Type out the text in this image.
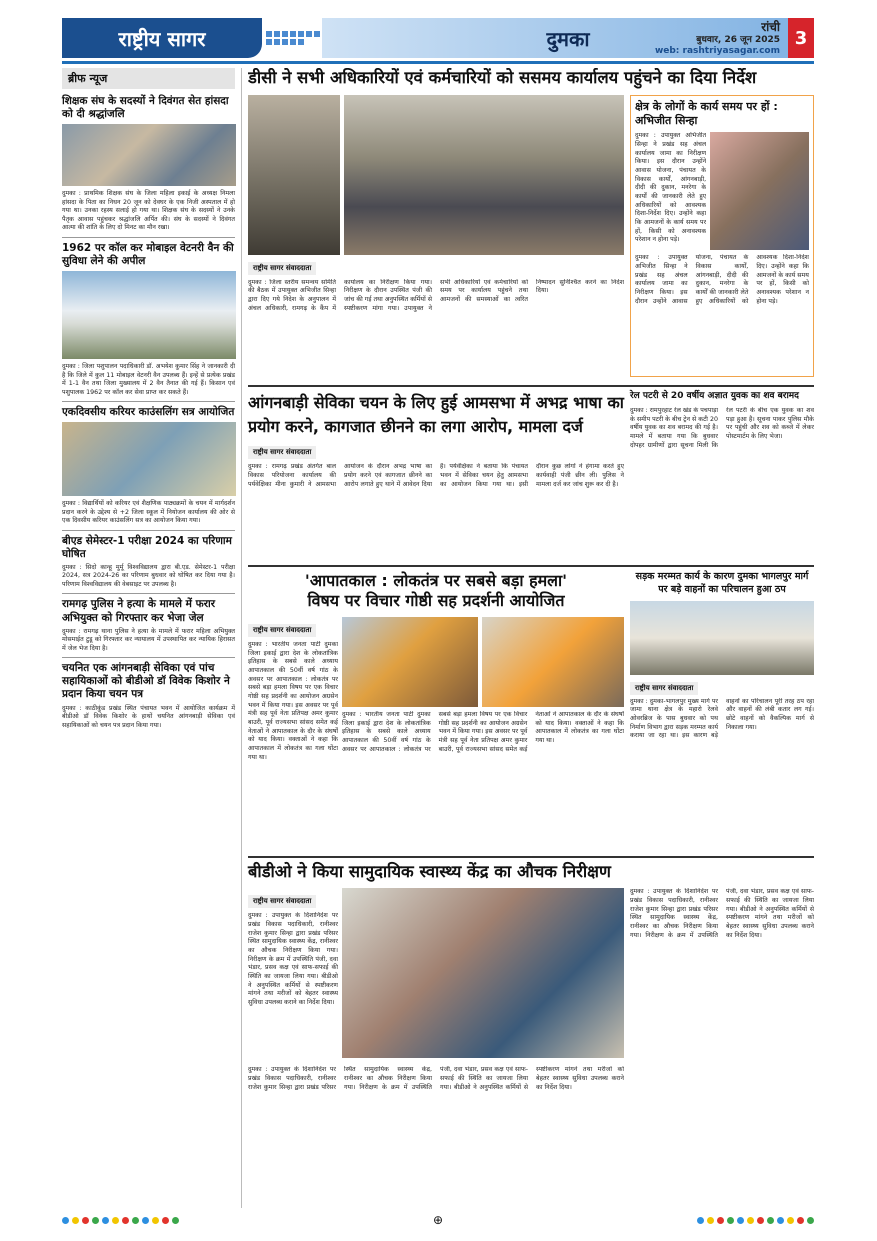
राष्ट्रीय सागर	दुमका	रांची
बुधवार, 26 जून 2025
web: rashtriyasagar.com
3
ब्रीफ न्यूज
शिक्षक संघ के सदस्यों ने दिवंगत सेत हांसदा को दी श्रद्धांजलि
दुमका : प्राथमिक शिक्षक संघ के जिला महिला इकाई के अध्यक्ष निमला हांसदा के पिता का निधन 20 जून को देवघर के एक निजी अस्पताल में हो गया था। उनका रहस्य सलाई हो गया था। शिक्षक संघ के सदस्यों ने उनके पैतृक आवास पहुंचकर श्रद्धांजलि अर्पित की। संघ के सदस्यों ने दिवंगत आत्मा की शांति के लिए दो मिनट का मौन रखा।
1962 पर कॉल कर मोबाइल वेटनरी वैन की सुविधा लेने की अपील
दुमका : जिला पशुपालन पदाधिकारी डॉ. अभयेश कुमार सिंह ने जानकारी दी है कि जिले में कुल 11 मोबाइल वेटनरी वैन उपलब्ध हैं। इन्हें से प्रत्येक प्रखंड में 1-1 वैन तथा जिला मुख्यालय में 2 वैन तैनात की गई हैं। किसान एवं पशुपालक 1962 पर कॉल कर सेवा प्राप्त कर सकते हैं।
एकदिवसीय करियर काउंसलिंग सत्र आयोजित
दुमका : विद्यार्थियों को करियर एवं शैक्षणिक पाठ्यक्रमों के चयन में मार्गदर्शन प्रदान करने के उद्देश्य से +2 जिला स्कूल में नियोजन कार्यालय की ओर से एक दिवसीय करियर काउंसलिंग सत्र का आयोजन किया गया।
बीएड सेमेस्टर-1 परीक्षा 2024 का परिणाम घोषित
दुमका : सिदो कान्हू मुर्मू विश्वविद्यालय द्वारा बी.एड. सेमेस्टर-1 परीक्षा 2024, सत्र 2024-26 का परिणाम बुधवार को घोषित कर दिया गया है। परिणाम विश्वविद्यालय की वेबसाइट पर उपलब्ध है।
रामगढ़ पुलिस ने हत्या के मामले में फरार अभियुक्त को गिरफ्तार कर भेजा जेल
दुमका : रामगढ़ थाना पुलिस ने हत्या के मामले में फरार महिला अभियुक्त मोसमाईत टुडू को गिरफ्तार कर न्यायालय में उपस्थापित कर न्यायिक हिरासत में जेल भेज दिया है।
चयनित एक आंगनबाड़ी सेविका एवं पांच सहायिकाओं को बीडीओ डॉ विवेक किशोर ने प्रदान किया चयन पत्र
दुमका : काठीकुंड प्रखंड स्थित पंचायत भवन में आयोजित कार्यक्रम में बीडीओ डॉ विवेक किशोर के हाथों चयनित आंगनबाड़ी सेविका एवं सहायिकाओं को चयन पत्र प्रदान किया गया।
डीसी ने सभी अधिकारियों एवं कर्मचारियों को ससमय कार्यालय पहुंचने का दिया निर्देश
राष्ट्रीय सागर संवाददाता
दुमका : जिला स्तरीय समन्वय समिति की बैठक में उपायुक्त अभिजीत सिन्हा द्वारा दिए गये निदेश के अनुपालन में अंचल अधिकारी, रामगढ़ के कैंप में कार्यालय का निरीक्षण किया गया। निरीक्षण के दौरान उपस्थित पंजी की जांच की गई तथा अनुपस्थित कर्मियों से स्पष्टीकरण मांगा गया। उपायुक्त ने सभी अधिकारियों एवं कर्मचारियों को समय पर कार्यालय पहुंचने तथा आमजनों की समस्याओं का त्वरित निष्पादन सुनिश्चित करने का निर्देश दिया।
क्षेत्र के लोगों के कार्य समय पर हों : अभिजीत सिन्हा
दुमका : उपायुक्त अभिजीत सिन्हा ने प्रखंड सह अंचल कार्यालय जामा का निरीक्षण किया। इस दौरान उन्होंने आवास योजना, पंचायत के विकास कार्यों, आंगनबाड़ी, दीदी की दुकान, मनरेगा के कार्यों की जानकारी लेते हुए अधिकारियों को आवश्यक दिशा-निर्देश दिए। उन्होंने कहा कि आमजनों के कार्य समय पर हों, किसी को अनावश्यक परेशान न होना पड़े।
दुमका : उपायुक्त अभिजीत सिन्हा ने प्रखंड सह अंचल कार्यालय जामा का निरीक्षण किया। इस दौरान उन्होंने आवास योजना, पंचायत के विकास कार्यों, आंगनबाड़ी, दीदी की दुकान, मनरेगा के कार्यों की जानकारी लेते हुए अधिकारियों को आवश्यक दिशा-निर्देश दिए। उन्होंने कहा कि आमजनों के कार्य समय पर हों, किसी को अनावश्यक परेशान न होना पड़े।
आंगनबाड़ी सेविका चयन के लिए हुई आमसभा में अभद्र भाषा का प्रयोग करने, कागजात छीनने का लगा आरोप, मामला दर्ज
राष्ट्रीय सागर संवाददाता
दुमका : रामगढ़ प्रखंड अंतर्गत बाल विकास परियोजना कार्यालय की पर्यवेक्षिका मीना कुमारी ने आमसभा आयोजन के दौरान अभद्र भाषा का प्रयोग करने एवं कागजात छीनने का आरोप लगाते हुए थाने में आवेदन दिया है। पर्यवेक्षिका ने बताया कि पंचायत भवन में सेविका चयन हेतु आमसभा का आयोजन किया गया था। इसी दौरान कुछ लोगों ने हंगामा करते हुए कार्यवाही पंजी छीन ली। पुलिस ने मामला दर्ज कर जांच शुरू कर दी है।
रेल पटरी से 20 वर्षीय अज्ञात युवक का शव बरामद
दुमका : रामपुरहाट रेल खंड के पचपाड़ा के समीप पटरी के बीच ट्रेन से कटी 20 वर्षीय युवक का शव बरामद की गई है। मामले में बताया गया कि बुधवार दोपहर ग्रामीणों द्वारा सूचना मिली कि रेल पटरी के बीच एक युवक का शव पड़ा हुआ है। सूचना पाकर पुलिस मौके पर पहुंची और शव को कब्जे में लेकर पोस्टमार्टम के लिए भेजा।
'आपातकाल : लोकतंत्र पर सबसे बड़ा हमला'
विषय पर विचार गोष्ठी सह प्रदर्शनी आयोजित
राष्ट्रीय सागर संवाददाता
दुमका : भारतीय जनता पार्टी दुमका जिला इकाई द्वारा देश के लोकतांत्रिक इतिहास के सबसे काले अध्याय आपातकाल की 50वीं वर्ष गांठ के अवसर पर आपातकाल : लोकतंत्र पर सबसे बड़ा हमला विषय पर एक विचार गोष्ठी सह प्रदर्शनी का आयोजन अग्रसेन भवन में किया गया। इस अवसर पर पूर्व मंत्री सह पूर्व नेता प्रतिपक्ष अमर कुमार बाउरी, पूर्व राज्यसभा सांसद समेत कई नेताओं ने आपातकाल के दौर के संघर्षों को याद किया। वक्ताओं ने कहा कि आपातकाल में लोकतंत्र का गला घोंटा गया था।
दुमका : भारतीय जनता पार्टी दुमका जिला इकाई द्वारा देश के लोकतांत्रिक इतिहास के सबसे काले अध्याय आपातकाल की 50वीं वर्ष गांठ के अवसर पर आपातकाल : लोकतंत्र पर सबसे बड़ा हमला विषय पर एक विचार गोष्ठी सह प्रदर्शनी का आयोजन अग्रसेन भवन में किया गया। इस अवसर पर पूर्व मंत्री सह पूर्व नेता प्रतिपक्ष अमर कुमार बाउरी, पूर्व राज्यसभा सांसद समेत कई नेताओं ने आपातकाल के दौर के संघर्षों को याद किया। वक्ताओं ने कहा कि आपातकाल में लोकतंत्र का गला घोंटा गया था।
सड़क मरम्मत कार्य के कारण दुमका भागलपुर मार्ग पर बड़े वाहनों का परिचालन हुआ ठप
राष्ट्रीय सागर संवाददाता
दुमका : दुमका-भागलपुर मुख्य मार्ग पर जामा थाना क्षेत्र के महारो रेलवे ओवरब्रिज के पास बुधवार को पथ निर्माण विभाग द्वारा सड़क मरम्मत कार्य कराया जा रहा था। इस कारण बड़े वाहनों का परिचालन पूरी तरह ठप रहा और वाहनों की लंबी कतार लग गई। छोटे वाहनों को वैकल्पिक मार्ग से निकाला गया।
बीडीओ ने किया सामुदायिक स्वास्थ्य केंद्र का औचक निरीक्षण
राष्ट्रीय सागर संवाददाता
दुमका : उपायुक्त के दिशानिर्देश पर प्रखंड विकास पदाधिकारी, रानीश्वर राजेश कुमार सिन्हा द्वारा प्रखंड परिसर स्थित सामुदायिक स्वास्थ्य केंद्र, रानीश्वर का औचक निरीक्षण किया गया। निरीक्षण के क्रम में उपस्थिति पंजी, दवा भंडार, प्रसव कक्ष एवं साफ-सफाई की स्थिति का जायजा लिया गया। बीडीओ ने अनुपस्थित कर्मियों से स्पष्टीकरण मांगने तथा मरीजों को बेहतर स्वास्थ्य सुविधा उपलब्ध कराने का निर्देश दिया।
दुमका : उपायुक्त के दिशानिर्देश पर प्रखंड विकास पदाधिकारी, रानीश्वर राजेश कुमार सिन्हा द्वारा प्रखंड परिसर स्थित सामुदायिक स्वास्थ्य केंद्र, रानीश्वर का औचक निरीक्षण किया गया। निरीक्षण के क्रम में उपस्थिति पंजी, दवा भंडार, प्रसव कक्ष एवं साफ-सफाई की स्थिति का जायजा लिया गया। बीडीओ ने अनुपस्थित कर्मियों से स्पष्टीकरण मांगने तथा मरीजों को बेहतर स्वास्थ्य सुविधा उपलब्ध कराने का निर्देश दिया।
दुमका : उपायुक्त के दिशानिर्देश पर प्रखंड विकास पदाधिकारी, रानीश्वर राजेश कुमार सिन्हा द्वारा प्रखंड परिसर स्थित सामुदायिक स्वास्थ्य केंद्र, रानीश्वर का औचक निरीक्षण किया गया। निरीक्षण के क्रम में उपस्थिति पंजी, दवा भंडार, प्रसव कक्ष एवं साफ-सफाई की स्थिति का जायजा लिया गया। बीडीओ ने अनुपस्थित कर्मियों से स्पष्टीकरण मांगने तथा मरीजों को बेहतर स्वास्थ्य सुविधा उपलब्ध कराने का निर्देश दिया।
⊕
